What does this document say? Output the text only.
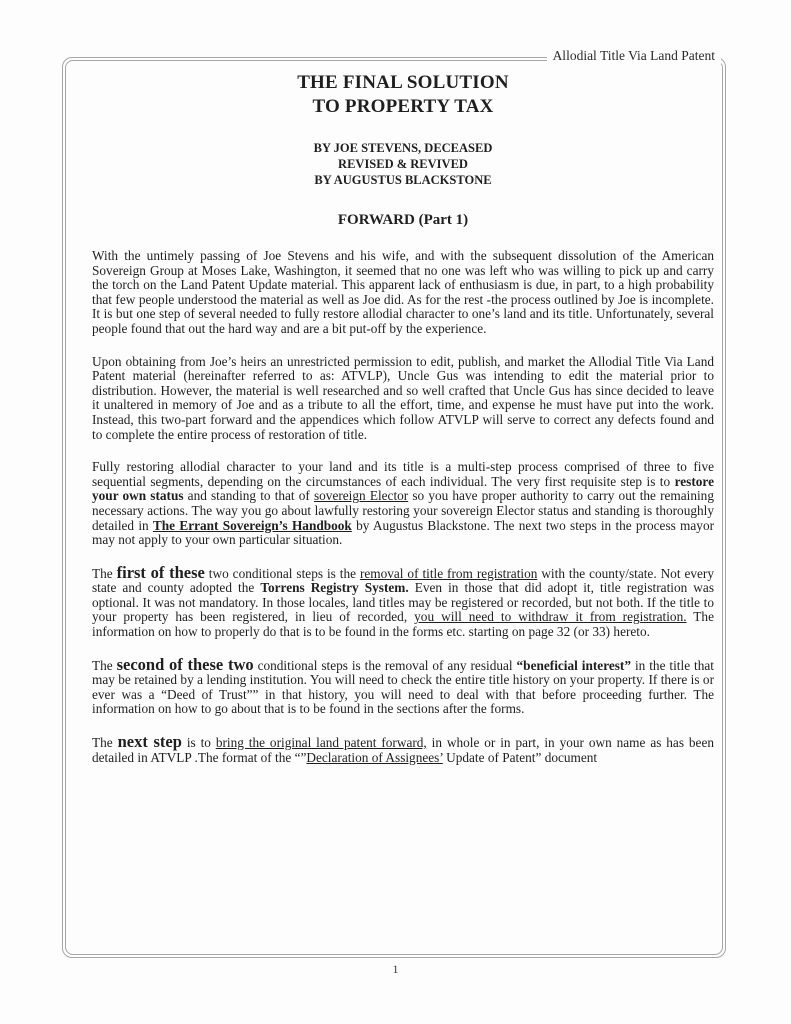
Allodial Title Via Land Patent
THE FINAL SOLUTION
TO PROPERTY TAX
BY JOE STEVENS, DECEASED
REVISED & REVIVED
BY AUGUSTUS BLACKSTONE
FORWARD (Part 1)

With the untimely passing of Joe Stevens and his wife, and with the subsequent dissolution of the American Sovereign Group at Moses Lake, Washington, it seemed that no one was left who was willing to pick up and carry the torch on the Land Patent Update material. This apparent lack of enthusiasm is due, in part, to a high probability that few people understood the material as well as Joe did. As for the rest -the process outlined by Joe is incomplete. It is but one step of several needed to fully restore allodial character to one’s land and its title. Unfortunately, several people found that out the hard way and are a bit put-off by the experience.

Upon obtaining from Joe’s heirs an unrestricted permission to edit, publish, and market the Allodial Title Via Land Patent material (hereinafter referred to as: ATVLP), Uncle Gus was intending to edit the material prior to distribution. However, the material is well researched and so well crafted that Uncle Gus has since decided to leave it unaltered in memory of Joe and as a tribute to all the effort, time, and expense he must have put into the work. Instead, this two-part forward and the appendices which follow ATVLP will serve to correct any defects found and to complete the entire process of restoration of title.

Fully restoring allodial character to your land and its title is a multi-step process comprised of three to five sequential segments, depending on the circumstances of each individual. The very first requisite step is to restore your own status and standing to that of sovereign Elector so you have proper authority to carry out the remaining necessary actions. The way you go about lawfully restoring your sovereign Elector status and standing is thoroughly detailed in The Errant Sovereign’s Handbook by Augustus Blackstone. The next two steps in the process mayor may not apply to your own particular situation.

The first of these two conditional steps is the removal of title from registration with the county/state. Not every state and county adopted the Torrens Registry System. Even in those that did adopt it, title registration was optional. It was not mandatory. In those locales, land titles may be registered or recorded, but not both. If the title to your property has been registered, in lieu of recorded, you will need to withdraw it from registration. The information on how to properly do that is to be found in the forms etc. starting on page 32 (or 33) hereto.

The second of these two conditional steps is the removal of any residual “beneficial interest” in the title that may be retained by a lending institution. You will need to check the entire title history on your property. If there is or ever was a “Deed of Trust”” in that history, you will need to deal with that before proceeding further. The information on how to go about that is to be found in the sections after the forms.

The next step is to bring the original land patent forward, in whole or in part, in your own name as has been detailed in ATVLP .The format of the “”Declaration of Assignees’ Update of Patent” document

1
